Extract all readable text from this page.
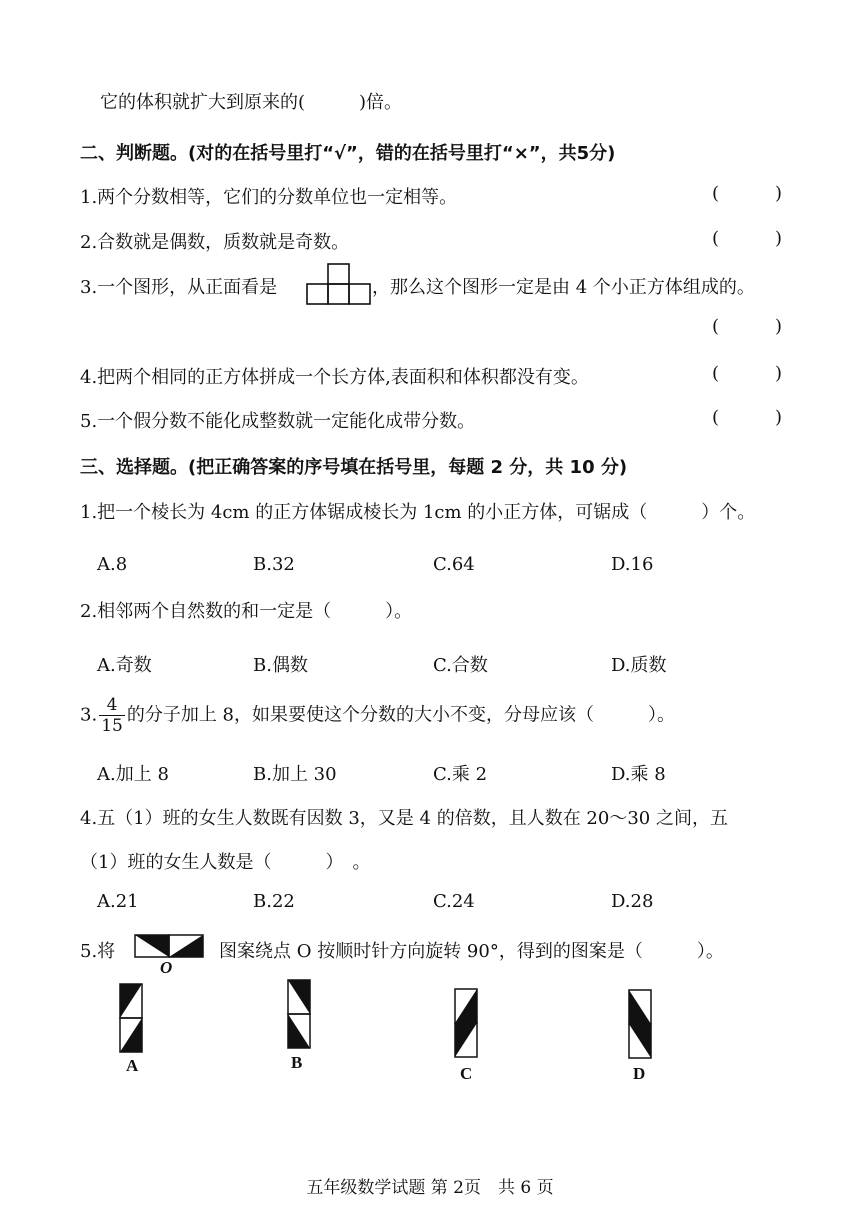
它的体积就扩大到原来的(　　　)倍。
二、判断题。(对的在括号里打“√”，错的在括号里打“×”，共5分)
1.两个分数相等，它们的分数单位也一定相等。	(	)
2.合数就是偶数，质数就是奇数。	(	)
3.一个图形，从正面看是	，那么这个图形一定是由 4 个小正方体组成的。
(	)
4.把两个相同的正方体拼成一个长方体,表面积和体积都没有变。	(	)
5.一个假分数不能化成整数就一定能化成带分数。	(	)
三、选择题。(把正确答案的序号填在括号里，每题 2 分，共 10 分)
1.把一个棱长为 4cm 的正方体锯成棱长为 1cm 的小正方体，可锯成（　　　）个。
A.8	B.32	C.64	D.16
2.相邻两个自然数的和一定是（　　　）。
A.奇数	B.偶数	C.合数	D.质数
3. $\frac{4}{15}$ 的分子加上 8，如果要使这个分数的大小不变，分母应该（　　　）。
A.加上 8	B.加上 30	C.乘 2	D.乘 8
4.五（1）班的女生人数既有因数 3，又是 4 的倍数，且人数在 20～30 之间，五
（1）班的女生人数是（　　　）　。
A.21	B.22	C.24	D.28
5.将
O
图案绕点 O 按顺时针方向旋转 90°，得到的图案是（　　　）。
A	B
C	D
五年级数学试题 第 2页　共 6 页
